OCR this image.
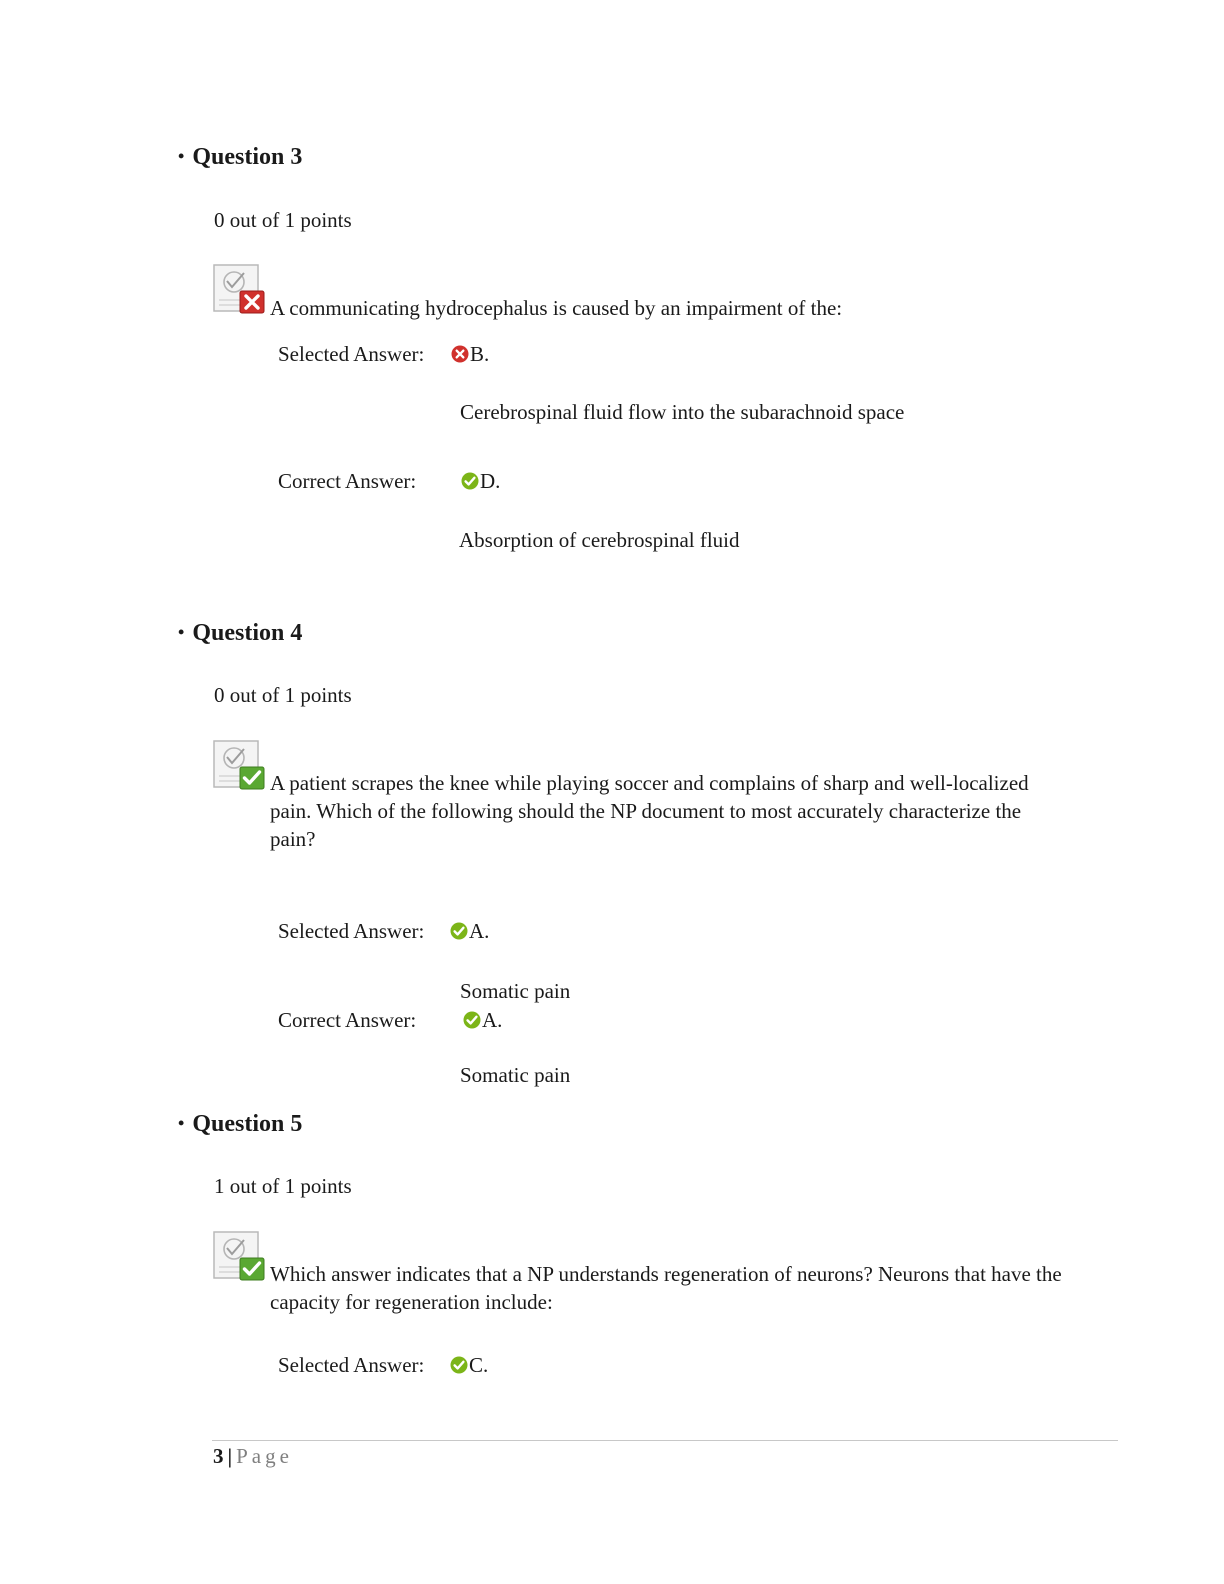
• Question 3
0 out of 1 points
A communicating hydrocephalus is caused by an impairment of the:
Selected Answer:	B.
Cerebrospinal fluid flow into the subarachnoid space
Correct Answer:	D.
Absorption of cerebrospinal fluid
• Question 4
0 out of 1 points
A patient scrapes the knee while playing soccer and complains of sharp and well-localized pain. Which of the following should the NP document to most accurately characterize the pain?
Selected Answer:	A.
Somatic pain
Correct Answer:	A.
Somatic pain
• Question 5
1 out of 1 points
Which answer indicates that a NP understands regeneration of neurons? Neurons that have the capacity for regeneration include:
Selected Answer:	C.
3 | Page
